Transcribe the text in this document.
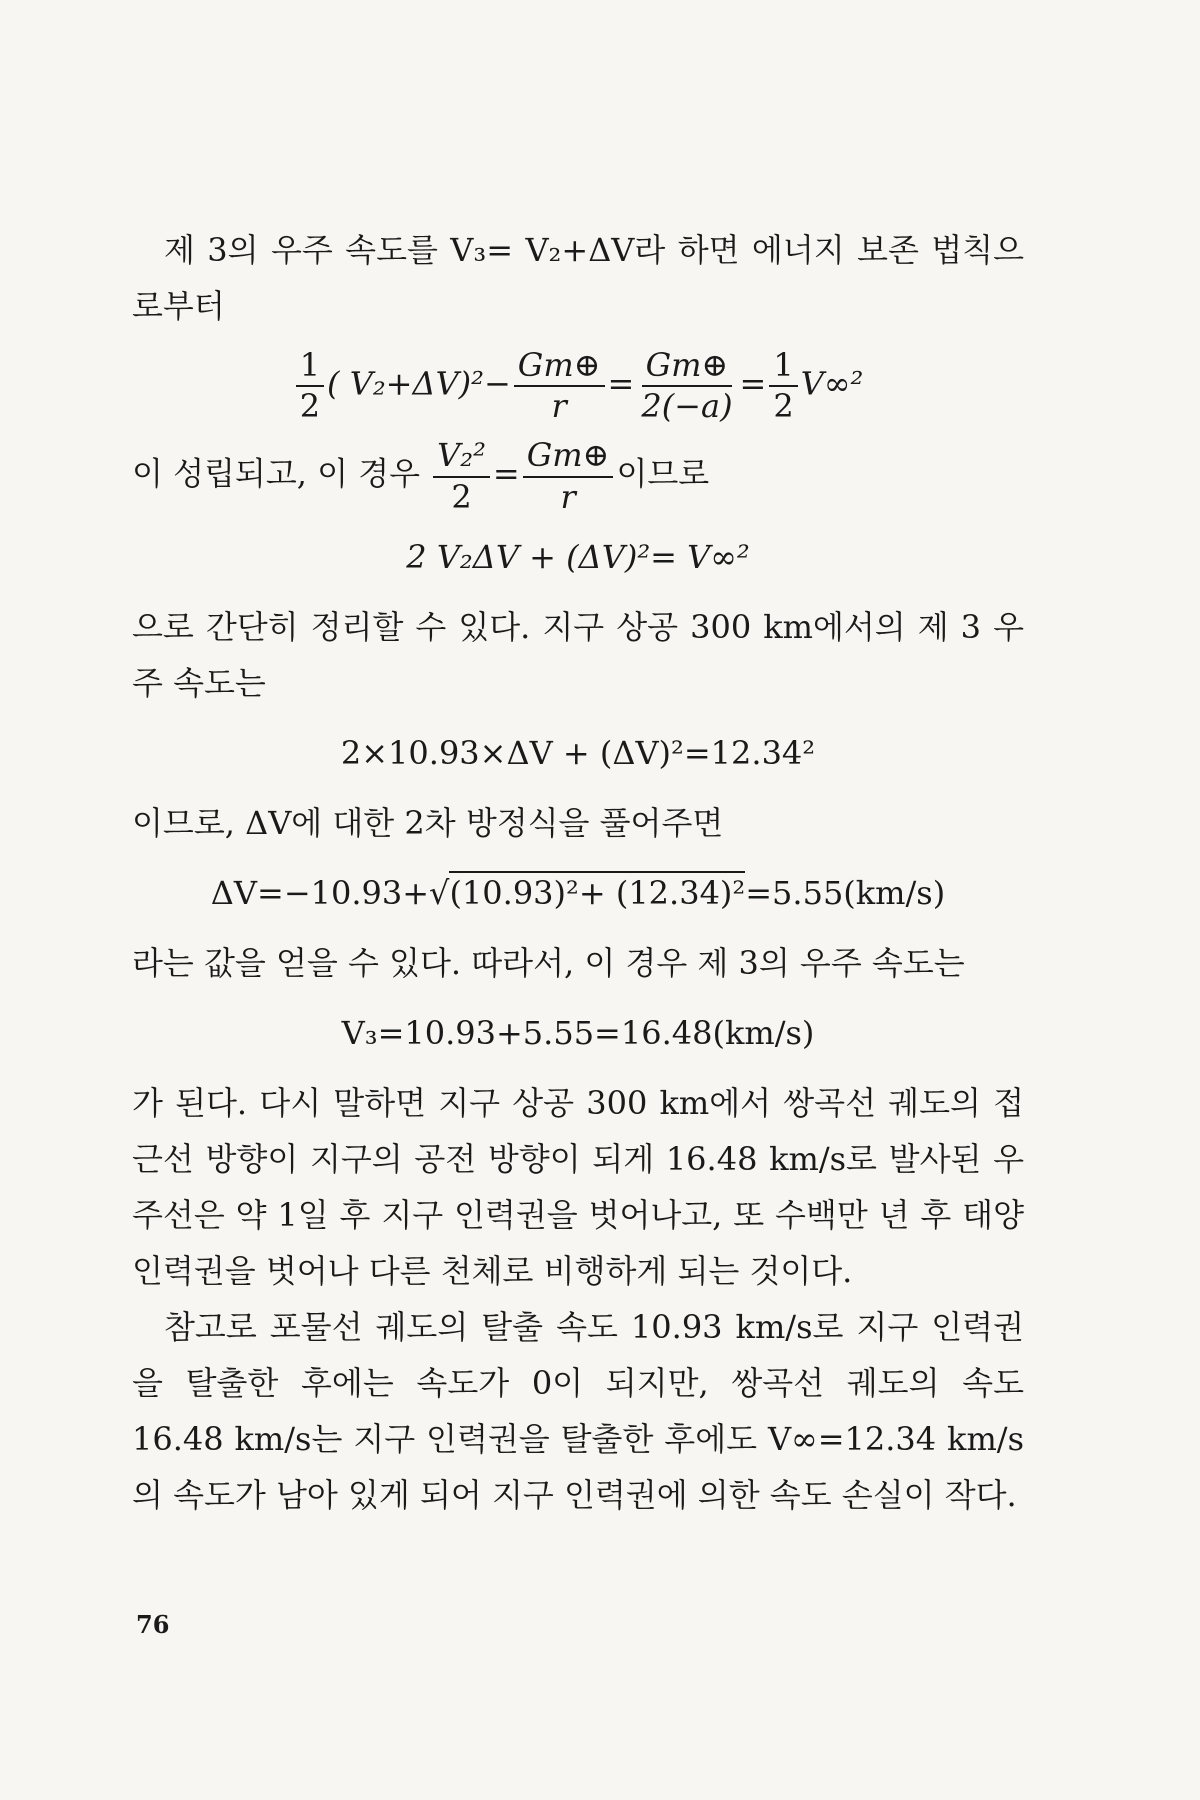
제 3의 우주 속도를 V₃= V₂+ΔV라 하면 에너지 보존 법칙으로부터

$\frac{1}{2}$ ( $V_2+\Delta V)^2- \frac{Gm\oplus}{r} = \frac{Gm\oplus}{2(-a)} = \frac{1}{2} V\infty^2$

이 성립되고, 이 경우 $\frac{\text{V₂²}}{2} = \frac{Gm\oplus}{r}$ 이므로

2 V₂ΔV + (ΔV)²= V∞²

으로 간단히 정리할 수 있다. 지구 상공 300 km에서의 제 3 우주 속도는

2×10.93×ΔV + (ΔV)²=12.34²

이므로, ΔV에 대한 2차 방정식을 풀어주면

ΔV=−10.93+√(10.93)²+ (12.34)²=5.55(km/s)

라는 값을 얻을 수 있다. 따라서, 이 경우 제 3의 우주 속도는

V₃=10.93+5.55=16.48(km/s)

가 된다. 다시 말하면 지구 상공 300 km에서 쌍곡선 궤도의 접근선 방향이 지구의 공전 방향이 되게 16.48 km/s로 발사된 우주선은 약 1일 후 지구 인력권을 벗어나고, 또 수백만 년 후 태양 인력권을 벗어나 다른 천체로 비행하게 되는 것이다.

참고로 포물선 궤도의 탈출 속도 10.93 km/s로 지구 인력권을 탈출한 후에는 속도가 0이 되지만, 쌍곡선 궤도의 속도 16.48 km/s는 지구 인력권을 탈출한 후에도 V∞=12.34 km/s의 속도가 남아 있게 되어 지구 인력권에 의한 속도 손실이 작다.

76
